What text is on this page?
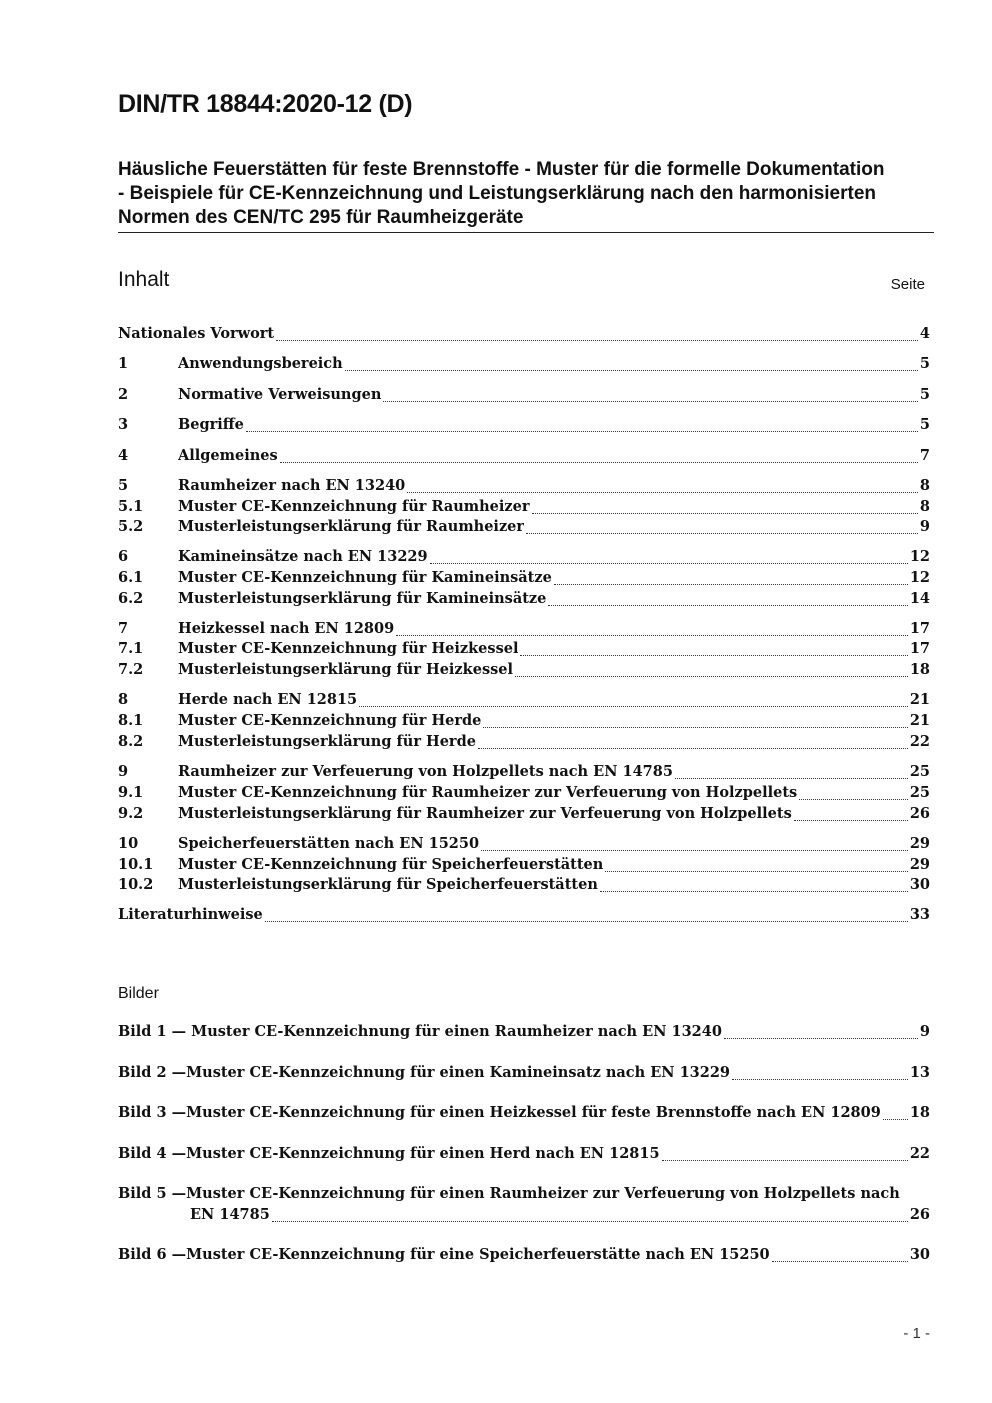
DIN/TR 18844:2020-12 (D)
Häusliche Feuerstätten für feste Brennstoffe - Muster für die formelle Dokumentation
- Beispiele für CE-Kennzeichnung und Leistungserklärung nach den harmonisierten
Normen des CEN/TC 295 für Raumheizgeräte
Inhalt	Seite
Nationales Vorwort	4
1	Anwendungsbereich	5
2	Normative Verweisungen	5
3	Begriffe	5
4	Allgemeines	7
5	Raumheizer nach EN 13240	8
5.1	Muster CE-Kennzeichnung für Raumheizer	8
5.2	Musterleistungserklärung für Raumheizer	9
6	Kamineinsätze nach EN 13229	12
6.1	Muster CE-Kennzeichnung für Kamineinsätze	12
6.2	Musterleistungserklärung für Kamineinsätze	14
7	Heizkessel nach EN 12809	17
7.1	Muster CE-Kennzeichnung für Heizkessel	17
7.2	Musterleistungserklärung für Heizkessel	18
8	Herde nach EN 12815	21
8.1	Muster CE-Kennzeichnung für Herde	21
8.2	Musterleistungserklärung für Herde	22
9	Raumheizer zur Verfeuerung von Holzpellets nach EN 14785	25
9.1	Muster CE-Kennzeichnung für Raumheizer zur Verfeuerung von Holzpellets	25
9.2	Musterleistungserklärung für Raumheizer zur Verfeuerung von Holzpellets	26
10	Speicherfeuerstätten nach EN 15250	29
10.1	Muster CE-Kennzeichnung für Speicherfeuerstätten	29
10.2	Musterleistungserklärung für Speicherfeuerstätten	30
Literaturhinweise	33
Bilder
Bild 1 — Muster CE-Kennzeichnung für einen Raumheizer nach EN 13240	9
Bild 2 —Muster CE-Kennzeichnung für einen Kamineinsatz nach EN 13229	13
Bild 3 —Muster CE-Kennzeichnung für einen Heizkessel für feste Brennstoffe nach EN 12809 18
Bild 4 —Muster CE-Kennzeichnung für einen Herd nach EN 12815	22
Bild 5 —Muster CE-Kennzeichnung für einen Raumheizer zur Verfeuerung von Holzpellets nach
EN 14785	26
Bild 6 —Muster CE-Kennzeichnung für eine Speicherfeuerstätte nach EN 15250	30
- 1 -
